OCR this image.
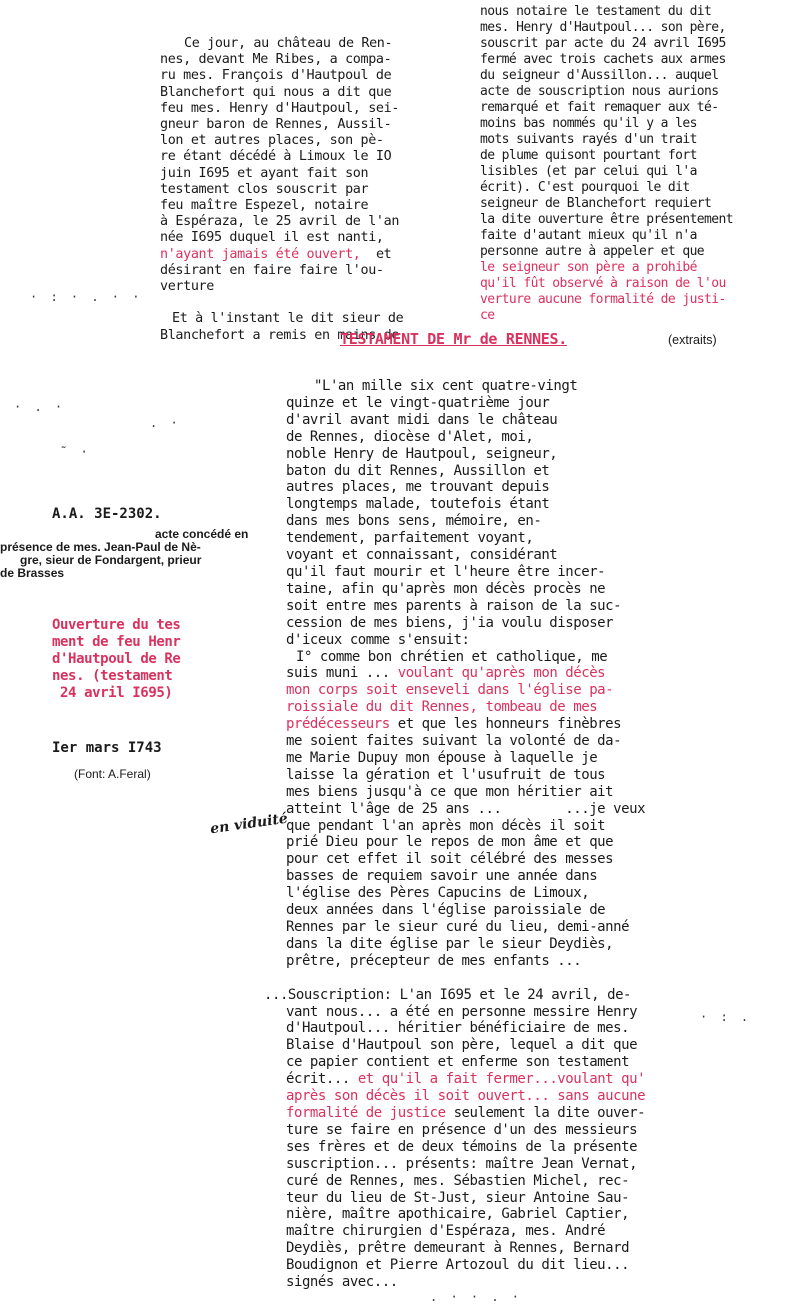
Ce jour, au château de Ren-
nes, devant Me Ribes, a compa-
ru mes. François d'Hautpoul de
Blanchefort qui nous a dit que
feu mes. Henry d'Hautpoul, sei-
gneur baron de Rennes, Aussil-
lon et autres places, son pè-
re étant décédé à Limoux le IO
juin I695 et ayant fait son
testament clos souscrit par
feu maître Espezel, notaire
à Espéraza, le 25 avril de l'an
née I695 duquel il est nanti,
n'ayant jamais été ouvert, et
désirant en faire faire l'ou-
verture

Et à l'instant le dit sieur de
Blanchefort a remis en mains de
nous notaire le testament du dit
mes. Henry d'Hautpoul... son père,
souscrit par acte du 24 avril I695
fermé avec trois cachets aux armes
du seigneur d'Aussillon... auquel
acte de souscription nous aurions
remarqué et fait remaquer aux té-
moins bas nommés qu'il y a les
mots suivants rayés d'un trait
de plume quisont pourtant fort
lisibles (et par celui qui l'a
écrit). C'est pourquoi le dit
seigneur de Blanchefort requiert
la dite ouverture être présentement
faite d'autant mieux qu'il n'a
personne autre à appeler et que
le seigneur son père a prohibé
qu'il fût observé à raison de l'ou
verture aucune formalité de justi-
ce
TESTAMENT DE Mr de RENNES.	(extraits)
A.A. 3E-2302.
acte concédé en
présence de mes. Jean-Paul de Nè-
gre, sieur de Fondargent, prieur
de Brasses
Ouverture du tes
ment de feu Henr
d'Hautpoul de Re
nes. (testament
24 avril I695)
Ier mars I743
(Font: A.Feral)
en viduité
"L'an mille six cent quatre-vingt
quinze et le vingt-quatrième jour
d'avril avant midi dans le château
de Rennes, diocèse d'Alet, moi,
noble Henry de Hautpoul, seigneur,
baton du dit Rennes, Aussillon et
autres places, me trouvant depuis
longtemps malade, toutefois étant
dans mes bons sens, mémoire, en-
tendement, parfaitement voyant,
voyant et connaissant, considérant
qu'il faut mourir et l'heure être incer-
taine, afin qu'après mon décès procès ne
soit entre mes parents à raison de la suc-
cession de mes biens, j'ia voulu disposer
d'iceux comme s'ensuit:
I° comme bon chrétien et catholique, me
suis muni ... voulant qu'après mon décès
mon corps soit enseveli dans l'église pa-
roissiale du dit Rennes, tombeau de mes
prédécesseurs et que les honneurs finèbres
me soient faites suivant la volonté de da-
me Marie Dupuy mon épouse à laquelle je
laisse la gération et l'usufruit de tous
mes biens jusqu'à ce que mon héritier ait
atteint l'âge de 25 ans ...        ...je veux
que pendant l'an après mon décès il soit
prié Dieu pour le repos de mon âme et que
pour cet effet il soit célébré des messes
basses de requiem savoir une année dans
l'église des Pères Capucins de Limoux,
deux années dans l'église paroissiale de
Rennes par le sieur curé du lieu, demi-anné
dans la dite église par le sieur Deydiès,
prêtre, précepteur de mes enfants ...

...Souscription: L'an I695 et le 24 avril, de-
vant nous... a été en personne messire Henry
d'Hautpoul... héritier bénéficiaire de mes.
Blaise d'Hautpoul son père, lequel a dit que
ce papier contient et enferme son testament
écrit... et qu'il a fait fermer...voulant qu'
après son décès il soit ouvert... sans aucune
formalité de justice seulement la dite ouver-
ture se faire en présence d'un des messieurs
ses frères et de deux témoins de la présente
suscription... présents: maître Jean Vernat,
curé de Rennes, mes. Sébastien Michel, rec-
teur du lieu de St-Just, sieur Antoine Sau-
nière, maître apothicaire, Gabriel Captier,
maître chirurgien d'Espéraza, mes. André
Deydiès, prêtre demeurant à Rennes, Bernard
Boudignon et Pierre Artozoul du dit lieu...
signés avec...
· : · . · ·
· . ·
. ·
˜ ·
· : .
. · · . ·
